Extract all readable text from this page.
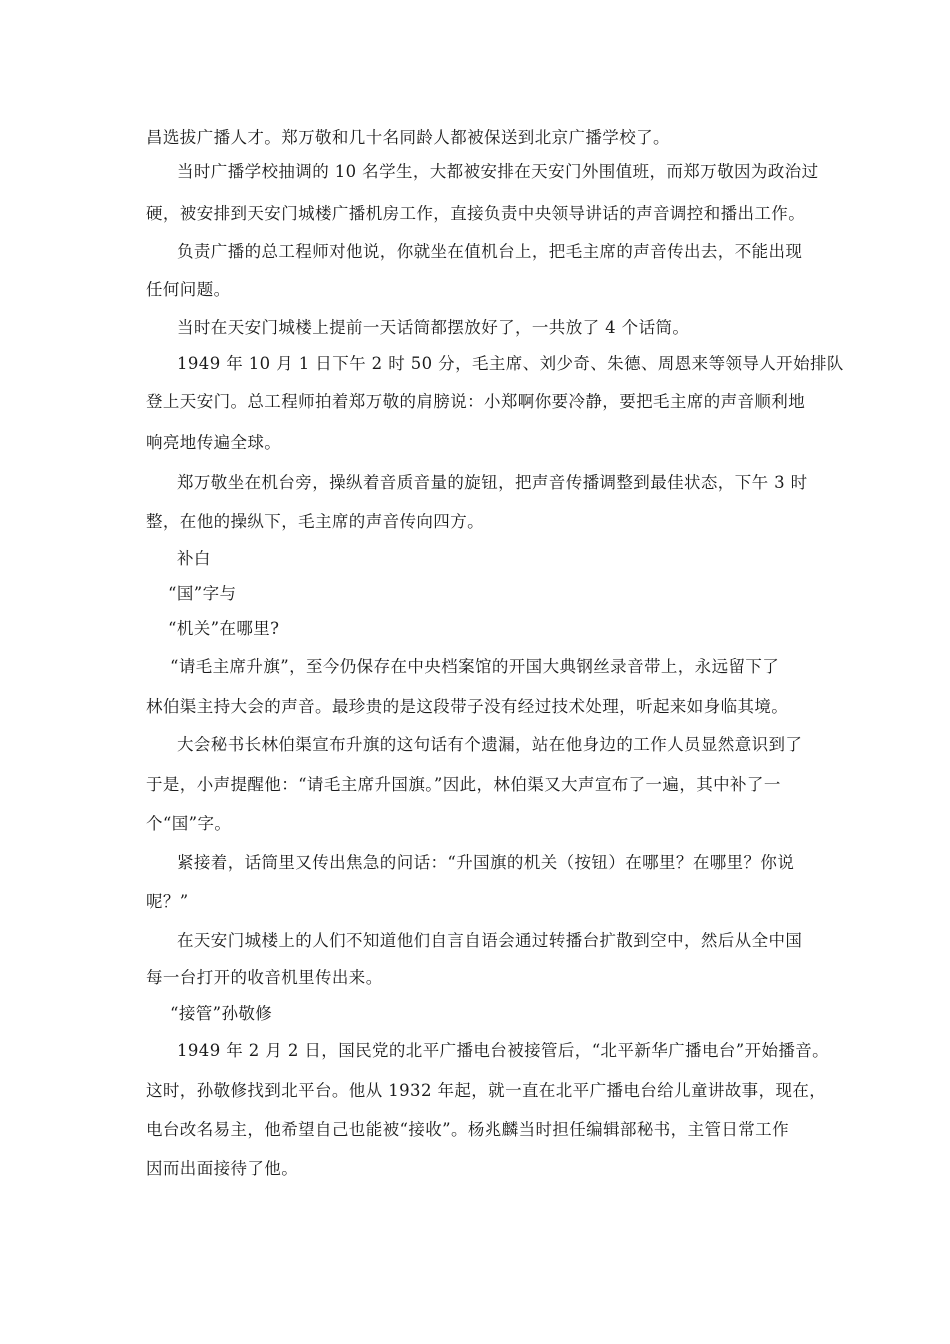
昌选拔广播人才。郑万敬和几十名同龄人都被保送到北京广播学校了。
当时广播学校抽调的 10 名学生，大都被安排在天安门外围值班，而郑万敬因为政治过
硬，被安排到天安门城楼广播机房工作，直接负责中央领导讲话的声音调控和播出工作。
负责广播的总工程师对他说，你就坐在值机台上，把毛主席的声音传出去，不能出现
任何问题。
当时在天安门城楼上提前一天话筒都摆放好了，一共放了 4 个话筒。
1949 年 10 月 1 日下午 2 时 50 分，毛主席、刘少奇、朱德、周恩来等领导人开始排队
登上天安门。总工程师拍着郑万敬的肩膀说：小郑啊你要冷静，要把毛主席的声音顺利地
响亮地传遍全球。
郑万敬坐在机台旁，操纵着音质音量的旋钮，把声音传播调整到最佳状态，下午 3 时
整，在他的操纵下，毛主席的声音传向四方。
补白
“国”字与
“机关”在哪里?
“请毛主席升旗”，至今仍保存在中央档案馆的开国大典钢丝录音带上，永远留下了
林伯渠主持大会的声音。最珍贵的是这段带子没有经过技术处理，听起来如身临其境。
大会秘书长林伯渠宣布升旗的这句话有个遗漏，站在他身边的工作人员显然意识到了
于是，小声提醒他：“请毛主席升国旗。”因此，林伯渠又大声宣布了一遍，其中补了一
个“国”字。
紧接着，话筒里又传出焦急的问话：“升国旗的机关（按钮）在哪里？在哪里？你说
呢？”
在天安门城楼上的人们不知道他们自言自语会通过转播台扩散到空中，然后从全中国
每一台打开的收音机里传出来。
“接管”孙敬修
1949 年 2 月 2 日，国民党的北平广播电台被接管后，“北平新华广播电台”开始播音。
这时，孙敬修找到北平台。他从 1932 年起，就一直在北平广播电台给儿童讲故事，现在，
电台改名易主，他希望自己也能被“接收”。杨兆麟当时担任编辑部秘书，主管日常工作
因而出面接待了他。
